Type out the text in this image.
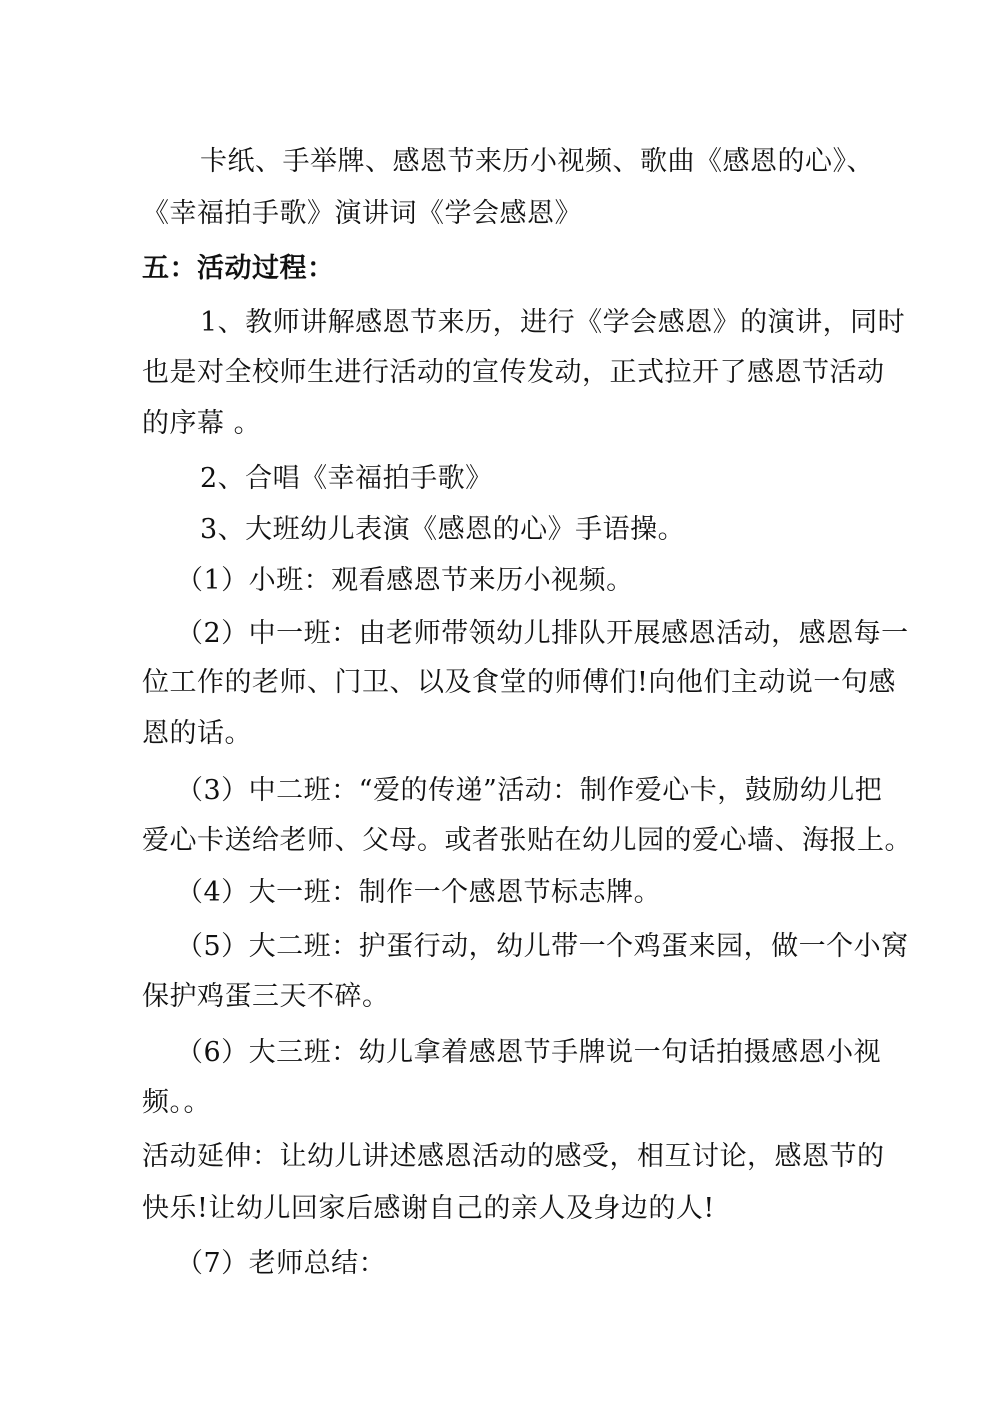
卡纸、手举牌、感恩节来历小视频、歌曲《感恩的心》、
《幸福拍手歌》演讲词《学会感恩》
五：活动过程：
1、教师讲解感恩节来历，进行《学会感恩》的演讲，同时
也是对全校师生进行活动的宣传发动，正式拉开了感恩节活动
的序幕 。
2、合唱《幸福拍手歌》
3、大班幼儿表演《感恩的心》手语操。
（1）小班：观看感恩节来历小视频。
（2）中一班：由老师带领幼儿排队开展感恩活动，感恩每一
位工作的老师、门卫、以及食堂的师傅们!向他们主动说一句感
恩的话。
（3）中二班：“爱的传递”活动：制作爱心卡，鼓励幼儿把
爱心卡送给老师、父母。或者张贴在幼儿园的爱心墙、海报上。
（4）大一班：制作一个感恩节标志牌。
（5）大二班：护蛋行动，幼儿带一个鸡蛋来园，做一个小窝
保护鸡蛋三天不碎。
（6）大三班：幼儿拿着感恩节手牌说一句话拍摄感恩小视
频。。
活动延伸：让幼儿讲述感恩活动的感受，相互讨论，感恩节的
快乐!让幼儿回家后感谢自己的亲人及身边的人!
（7）老师总结：
